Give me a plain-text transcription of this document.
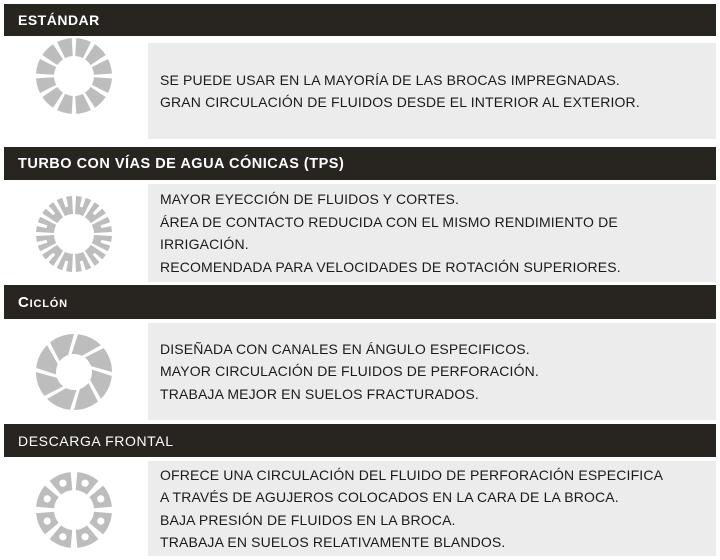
ESTÁNDAR
SE PUEDE USAR EN LA MAYORÍA DE LAS BROCAS IMPREGNADAS.
GRAN CIRCULACIÓN DE FLUIDOS DESDE EL INTERIOR AL EXTERIOR.
TURBO CON VÍAS DE AGUA CÓNICAS (TPS)
MAYOR EYECCIÓN DE FLUIDOS Y CORTES.
ÁREA DE CONTACTO REDUCIDA CON EL MISMO RENDIMIENTO DE
IRRIGACIÓN.
RECOMENDADA PARA VELOCIDADES DE ROTACIÓN SUPERIORES.
Ciclón
DISEÑADA CON CANALES EN ÁNGULO ESPECIFICOS.
MAYOR CIRCULACIÓN DE FLUIDOS DE PERFORACIÓN.
TRABAJA MEJOR EN SUELOS FRACTURADOS.
DESCARGA FRONTAL
OFRECE UNA CIRCULACIÓN DEL FLUIDO DE PERFORACIÓN ESPECIFICA
A TRAVÉS DE AGUJEROS COLOCADOS EN LA CARA DE LA BROCA.
BAJA PRESIÓN DE FLUIDOS EN LA BROCA.
TRABAJA EN SUELOS RELATIVAMENTE BLANDOS.
